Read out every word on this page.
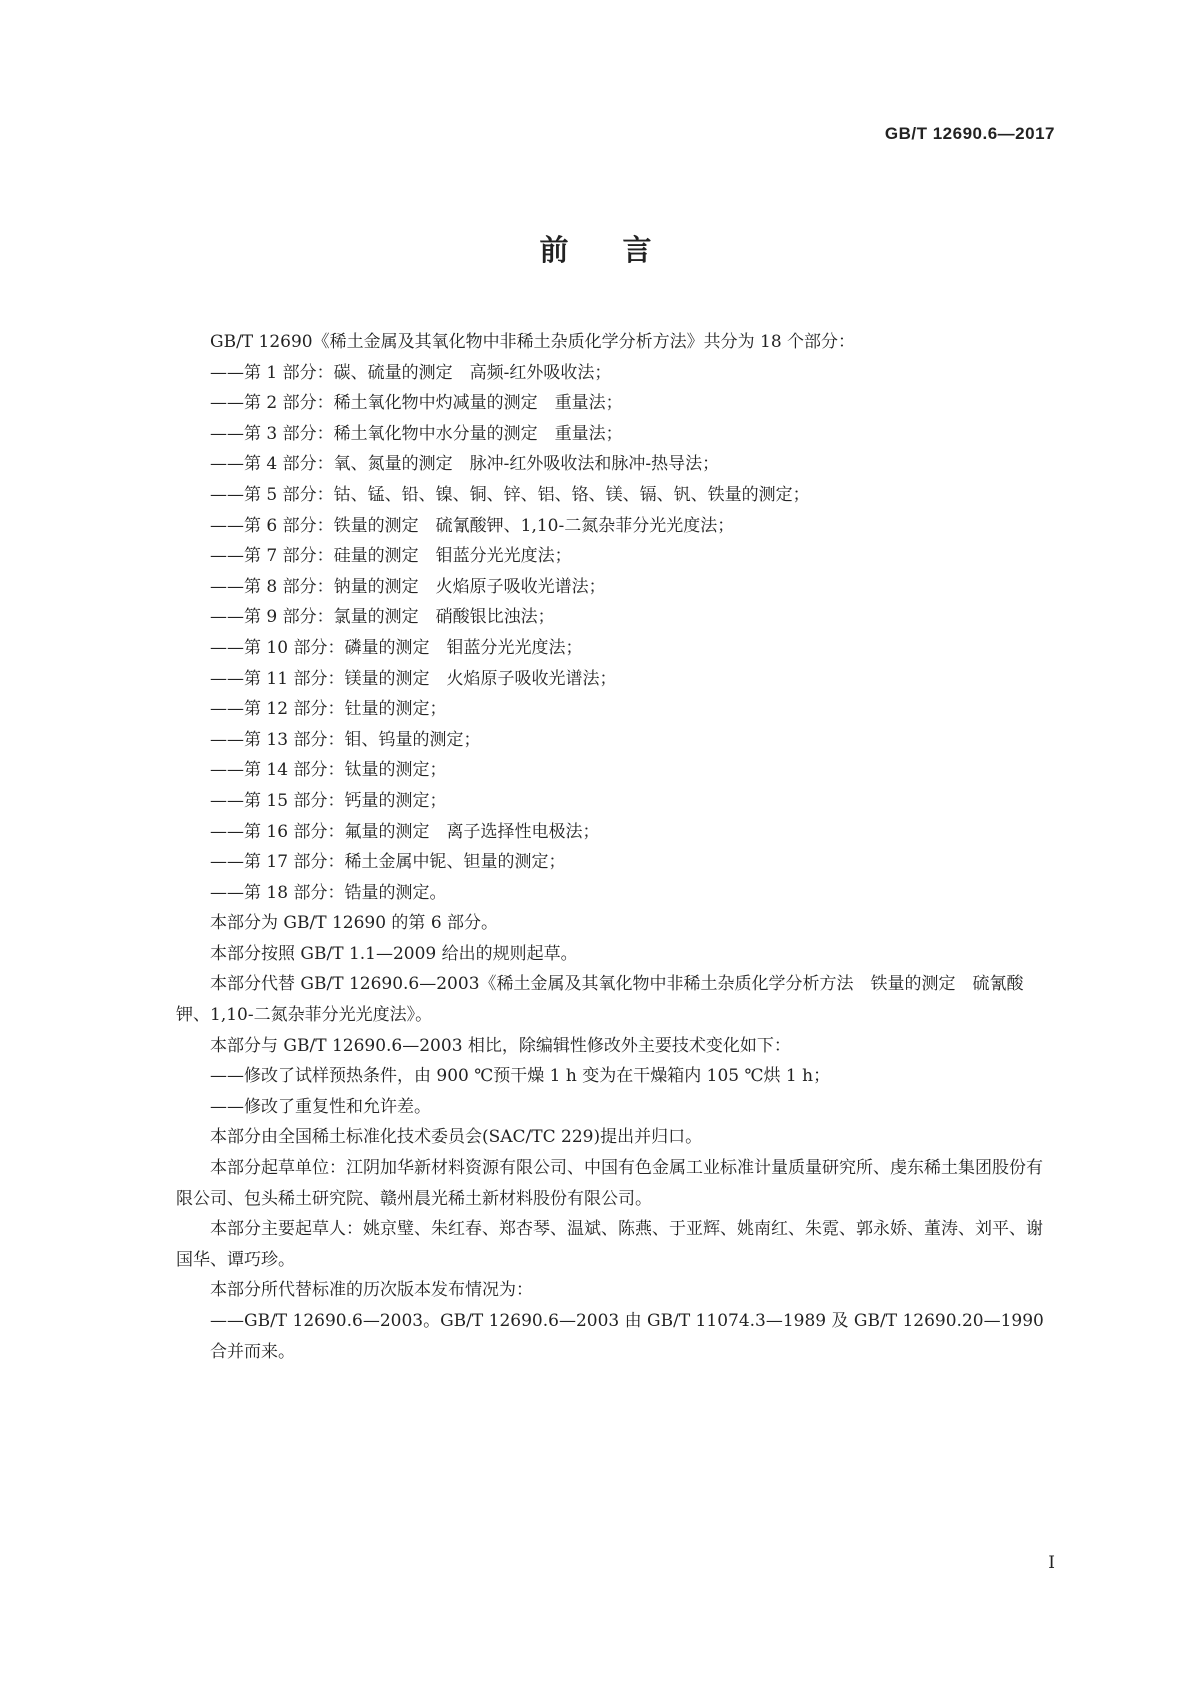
GB/T 12690.6—2017
前言

GB/T 12690《稀土金属及其氧化物中非稀土杂质化学分析方法》共分为 18 个部分：

——第 1 部分：碳、硫量的测定　高频-红外吸收法；

——第 2 部分：稀土氧化物中灼减量的测定　重量法；

——第 3 部分：稀土氧化物中水分量的测定　重量法；

——第 4 部分：氧、氮量的测定　脉冲-红外吸收法和脉冲-热导法；

——第 5 部分：钴、锰、铅、镍、铜、锌、铝、铬、镁、镉、钒、铁量的测定；

——第 6 部分：铁量的测定　硫氰酸钾、1,10-二氮杂菲分光光度法；

——第 7 部分：硅量的测定　钼蓝分光光度法；

——第 8 部分：钠量的测定　火焰原子吸收光谱法；

——第 9 部分：氯量的测定　硝酸银比浊法；

——第 10 部分：磷量的测定　钼蓝分光光度法；

——第 11 部分：镁量的测定　火焰原子吸收光谱法；

——第 12 部分：钍量的测定；

——第 13 部分：钼、钨量的测定；

——第 14 部分：钛量的测定；

——第 15 部分：钙量的测定；

——第 16 部分：氟量的测定　离子选择性电极法；

——第 17 部分：稀土金属中铌、钽量的测定；

——第 18 部分：锆量的测定。

本部分为 GB/T 12690 的第 6 部分。

本部分按照 GB/T 1.1—2009 给出的规则起草。

本部分代替 GB/T 12690.6—2003《稀土金属及其氧化物中非稀土杂质化学分析方法　铁量的测定　硫氰酸钾、1,10-二氮杂菲分光光度法》。

本部分与 GB/T 12690.6—2003 相比，除编辑性修改外主要技术变化如下：

——修改了试样预热条件，由 900 ℃预干燥 1 h 变为在干燥箱内 105 ℃烘 1 h；

——修改了重复性和允许差。

本部分由全国稀土标准化技术委员会(SAC/TC 229)提出并归口。

本部分起草单位：江阴加华新材料资源有限公司、中国有色金属工业标准计量质量研究所、虔东稀土集团股份有限公司、包头稀土研究院、赣州晨光稀土新材料股份有限公司。

本部分主要起草人：姚京璧、朱红春、郑杏琴、温斌、陈燕、于亚辉、姚南红、朱霓、郭永娇、董涛、刘平、谢国华、谭巧珍。

本部分所代替标准的历次版本发布情况为：

——GB/T 12690.6—2003。GB/T 12690.6—2003 由 GB/T 11074.3—1989 及 GB/T 12690.20—1990 合并而来。

I
